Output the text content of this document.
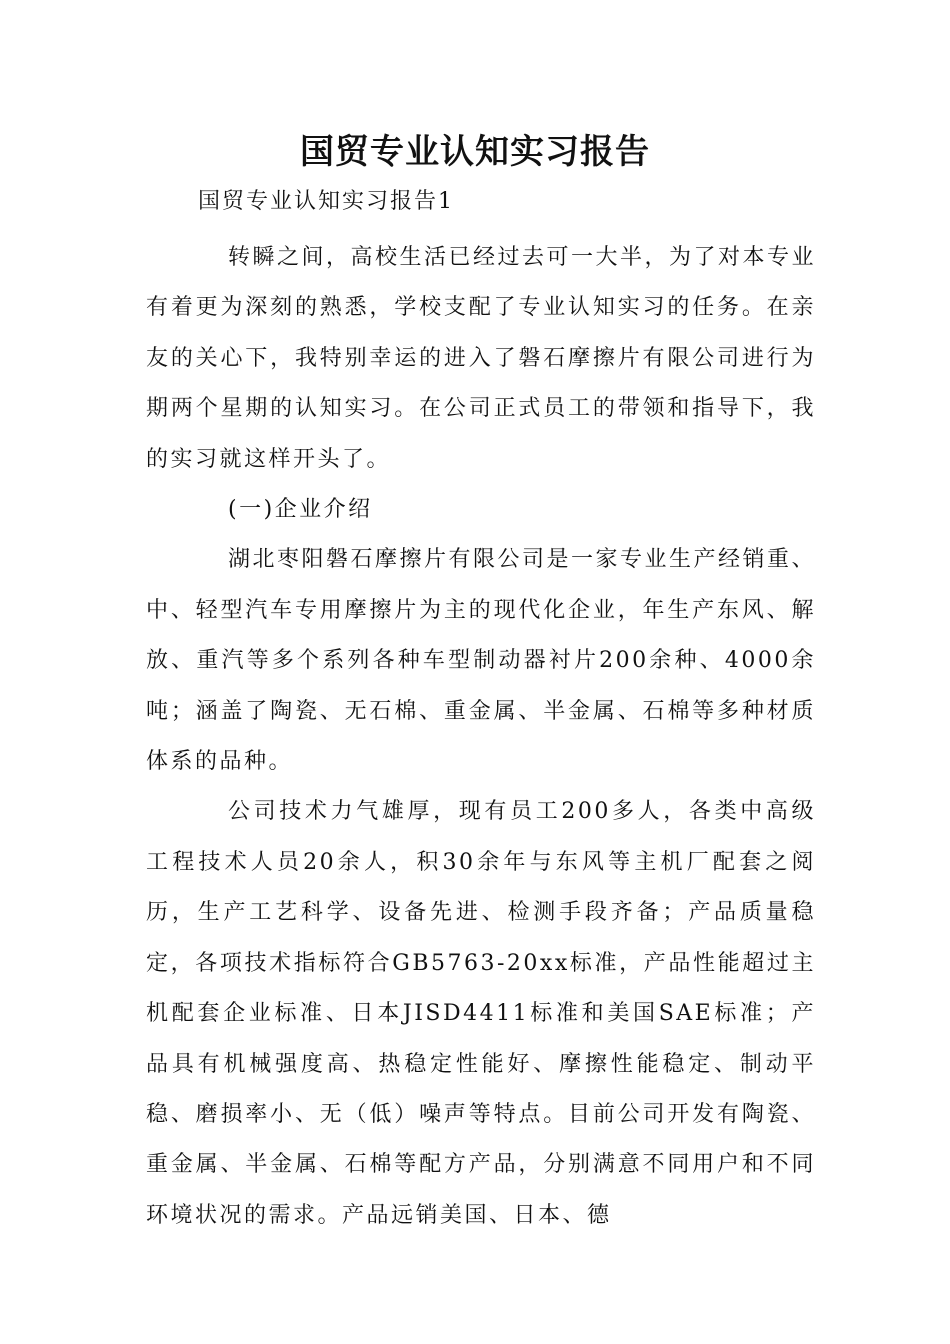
国贸专业认知实习报告

国贸专业认知实习报告1

转瞬之间，高校生活已经过去可一大半，为了对本专业有着更为深刻的熟悉，学校支配了专业认知实习的任务。在亲友的关心下，我特别幸运的进入了磐石摩擦片有限公司进行为期两个星期的认知实习。在公司正式员工的带领和指导下，我的实习就这样开头了。

(一)企业介绍

湖北枣阳磐石摩擦片有限公司是一家专业生产经销重、中、轻型汽车专用摩擦片为主的现代化企业，年生产东风、解放、重汽等多个系列各种车型制动器衬片200余种、4000余吨；涵盖了陶瓷、无石棉、重金属、半金属、石棉等多种材质体系的品种。

公司技术力气雄厚，现有员工200多人，各类中高级工程技术人员20余人，积30余年与东风等主机厂配套之阅历，生产工艺科学、设备先进、检测手段齐备；产品质量稳定，各项技术指标符合GB5763-20xx标准，产品性能超过主机配套企业标准、日本JISD4411标准和美国SAE标准；产品具有机械强度高、热稳定性能好、摩擦性能稳定、制动平稳、磨损率小、无（低）噪声等特点。目前公司开发有陶瓷、重金属、半金属、石棉等配方产品，分别满意不同用户和不同环境状况的需求。产品远销美国、日本、德
